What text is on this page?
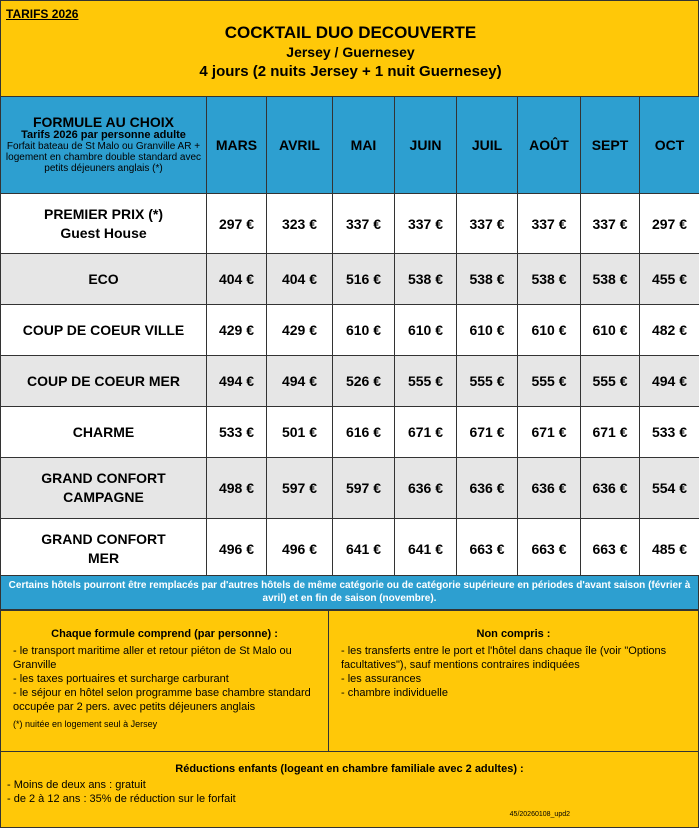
TARIFS 2026
COCKTAIL DUO DECOUVERTE
Jersey / Guernesey
4 jours (2 nuits Jersey + 1 nuit Guernesey)
FORMULE AU CHOIX
Tarifs 2026 par personne adulte
Forfait bateau de St Malo ou Granville AR + logement en chambre double standard avec petits déjeuners anglais (*)	MARS	AVRIL	MAI	JUIN	JUIL	AOÛT	SEPT	OCT
PREMIER PRIX (*)
Guest House	297 €	323 €	337 €	337 €	337 €	337 €	337 €	297 €
ECO	404 €	404 €	516 €	538 €	538 €	538 €	538 €	455 €
COUP DE COEUR VILLE	429 €	429 €	610 €	610 €	610 €	610 €	610 €	482 €
COUP DE COEUR MER	494 €	494 €	526 €	555 €	555 €	555 €	555 €	494 €
CHARME	533 €	501 €	616 €	671 €	671 €	671 €	671 €	533 €
GRAND CONFORT
CAMPAGNE	498 €	597 €	597 €	636 €	636 €	636 €	636 €	554 €
GRAND CONFORT
MER	496 €	496 €	641 €	641 €	663 €	663 €	663 €	485 €
Certains hôtels pourront être remplacés par d'autres hôtels de même catégorie ou de catégorie supérieure en périodes d'avant saison (février à avril) et en fin de saison (novembre).
Chaque formule comprend (par personne) :
- le transport maritime aller et retour piéton de St Malo ou Granville
- les taxes portuaires et surcharge carburant
- le séjour en hôtel selon programme base chambre standard occupée par 2 pers. avec petits déjeuners anglais
(*) nuitée en logement seul à Jersey
Non compris :
- les transferts entre le port et l'hôtel dans chaque île (voir "Options facultatives"), sauf mentions contraires indiquées
- les assurances
- chambre individuelle
Réductions enfants (logeant en chambre familiale avec 2 adultes) :
- Moins de deux ans : gratuit
- de 2 à 12 ans : 35% de réduction sur le forfait
45/20260108_upd2
